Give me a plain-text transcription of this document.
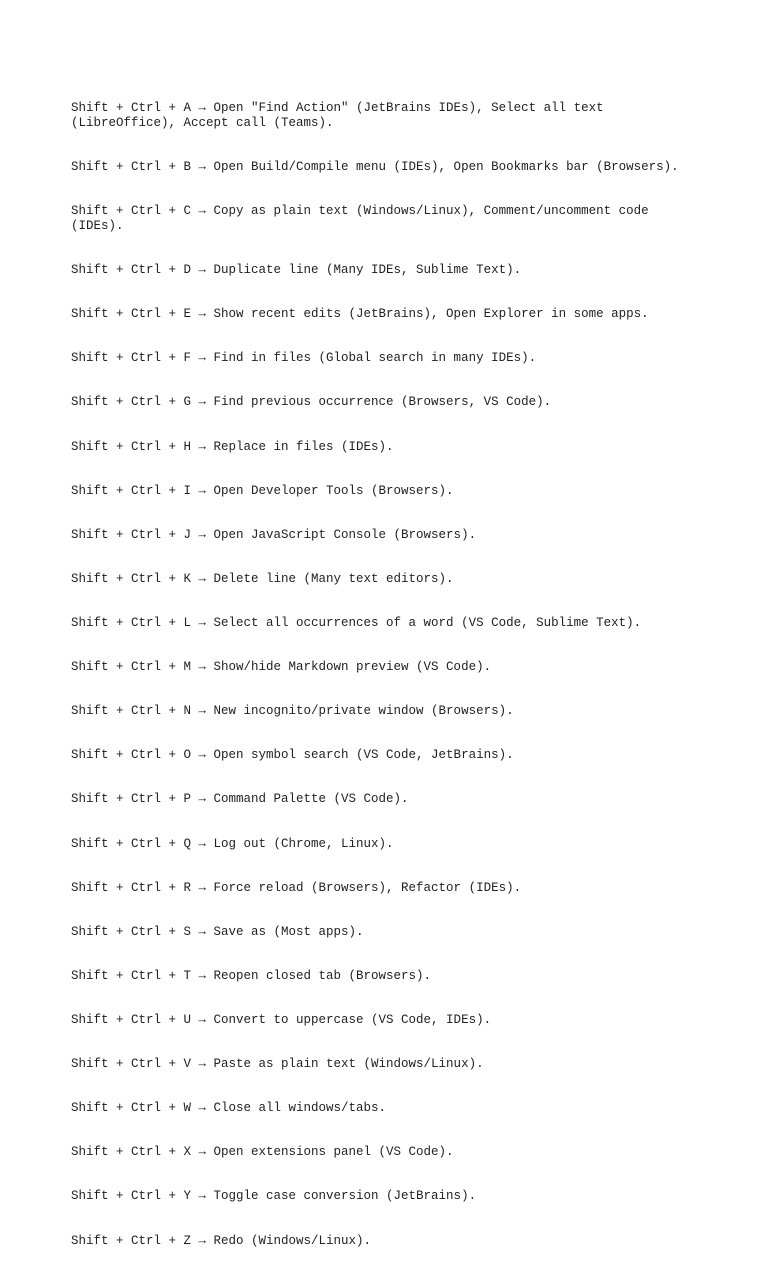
Shift + Ctrl + A → Open "Find Action" (JetBrains IDEs), Select all text
(LibreOffice), Accept call (Teams).

Shift + Ctrl + B → Open Build/Compile menu (IDEs), Open Bookmarks bar (Browsers).

Shift + Ctrl + C → Copy as plain text (Windows/Linux), Comment/uncomment code
(IDEs).

Shift + Ctrl + D → Duplicate line (Many IDEs, Sublime Text).

Shift + Ctrl + E → Show recent edits (JetBrains), Open Explorer in some apps.

Shift + Ctrl + F → Find in files (Global search in many IDEs).

Shift + Ctrl + G → Find previous occurrence (Browsers, VS Code).

Shift + Ctrl + H → Replace in files (IDEs).

Shift + Ctrl + I → Open Developer Tools (Browsers).

Shift + Ctrl + J → Open JavaScript Console (Browsers).

Shift + Ctrl + K → Delete line (Many text editors).

Shift + Ctrl + L → Select all occurrences of a word (VS Code, Sublime Text).

Shift + Ctrl + M → Show/hide Markdown preview (VS Code).

Shift + Ctrl + N → New incognito/private window (Browsers).

Shift + Ctrl + O → Open symbol search (VS Code, JetBrains).

Shift + Ctrl + P → Command Palette (VS Code).

Shift + Ctrl + Q → Log out (Chrome, Linux).

Shift + Ctrl + R → Force reload (Browsers), Refactor (IDEs).

Shift + Ctrl + S → Save as (Most apps).

Shift + Ctrl + T → Reopen closed tab (Browsers).

Shift + Ctrl + U → Convert to uppercase (VS Code, IDEs).

Shift + Ctrl + V → Paste as plain text (Windows/Linux).

Shift + Ctrl + W → Close all windows/tabs.

Shift + Ctrl + X → Open extensions panel (VS Code).

Shift + Ctrl + Y → Toggle case conversion (JetBrains).

Shift + Ctrl + Z → Redo (Windows/Linux).
